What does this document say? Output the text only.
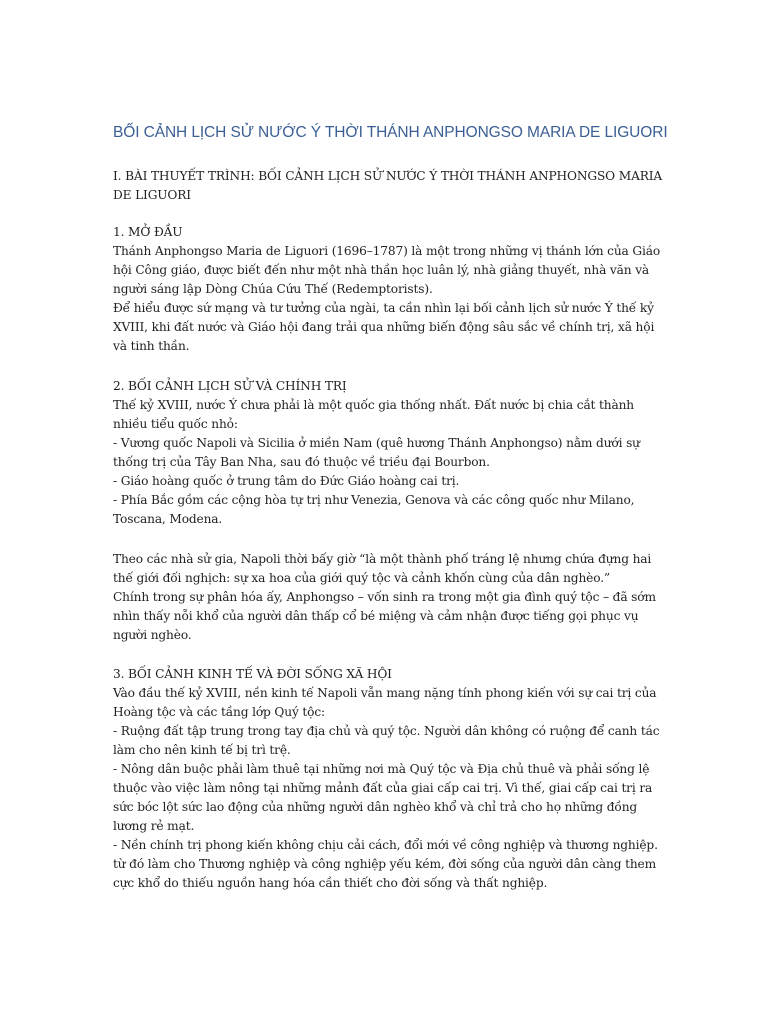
BỐI CẢNH LỊCH SỬ NƯỚC Ý THỜI THÁNH ANPHONGSO MARIA DE LIGUORI
I. BÀI THUYẾT TRÌNH: BỐI CẢNH LỊCH SỬ NƯỚC Ý THỜI THÁNH ANPHONGSO MARIA
DE LIGUORI
1. MỞ ĐẦU
Thánh Anphongso Maria de Liguori (1696–1787) là một trong những vị thánh lớn của Giáo
hội Công giáo, được biết đến như một nhà thần học luân lý, nhà giảng thuyết, nhà văn và
người sáng lập Dòng Chúa Cứu Thế (Redemptorists).
Để hiểu được sứ mạng và tư tưởng của ngài, ta cần nhìn lại bối cảnh lịch sử nước Ý thế kỷ
XVIII, khi đất nước và Giáo hội đang trải qua những biến động sâu sắc về chính trị, xã hội
và tinh thần.
2. BỐI CẢNH LỊCH SỬ VÀ CHÍNH TRỊ
Thế kỷ XVIII, nước Ý chưa phải là một quốc gia thống nhất. Đất nước bị chia cắt thành
nhiều tiểu quốc nhỏ:
- Vương quốc Napoli và Sicilia ở miền Nam (quê hương Thánh Anphongso) nằm dưới sự
thống trị của Tây Ban Nha, sau đó thuộc về triều đại Bourbon.
- Giáo hoàng quốc ở trung tâm do Đức Giáo hoàng cai trị.
- Phía Bắc gồm các cộng hòa tự trị như Venezia, Genova và các công quốc như Milano,
Toscana, Modena.
Theo các nhà sử gia, Napoli thời bấy giờ “là một thành phố tráng lệ nhưng chứa đựng hai
thế giới đối nghịch: sự xa hoa của giới quý tộc và cảnh khốn cùng của dân nghèo.”
Chính trong sự phân hóa ấy, Anphongso – vốn sinh ra trong một gia đình quý tộc – đã sớm
nhìn thấy nỗi khổ của người dân thấp cổ bé miệng và cảm nhận được tiếng gọi phục vụ
người nghèo.
3. BỐI CẢNH KINH TẾ VÀ ĐỜI SỐNG XÃ HỘI
Vào đầu thế kỷ XVIII, nền kinh tế Napoli vẫn mang nặng tính phong kiến với sự cai trị của
Hoàng tộc và các tầng lớp Quý tộc:
- Ruộng đất tập trung trong tay địa chủ và quý tộc. Người dân không có ruộng để canh tác
làm cho nên kinh tế bị trì trệ.
- Nông dân buộc phải làm thuê tại những nơi mà Quý tộc và Địa chủ thuê và phải sống lệ
thuộc vào việc làm nông tại những mảnh đất của giai cấp cai trị. Vì thế, giai cấp cai trị ra
sức bóc lột sức lao động của những người dân nghèo khổ và chỉ trả cho họ những đồng
lương rẻ mạt.
- Nền chính trị phong kiến không chịu cải cách, đổi mới về công nghiệp và thương nghiệp.
từ đó làm cho Thương nghiệp và công nghiệp yếu kém, đời sống của người dân càng them
cực khổ do thiếu nguồn hang hóa cần thiết cho đời sống và thất nghiệp.
